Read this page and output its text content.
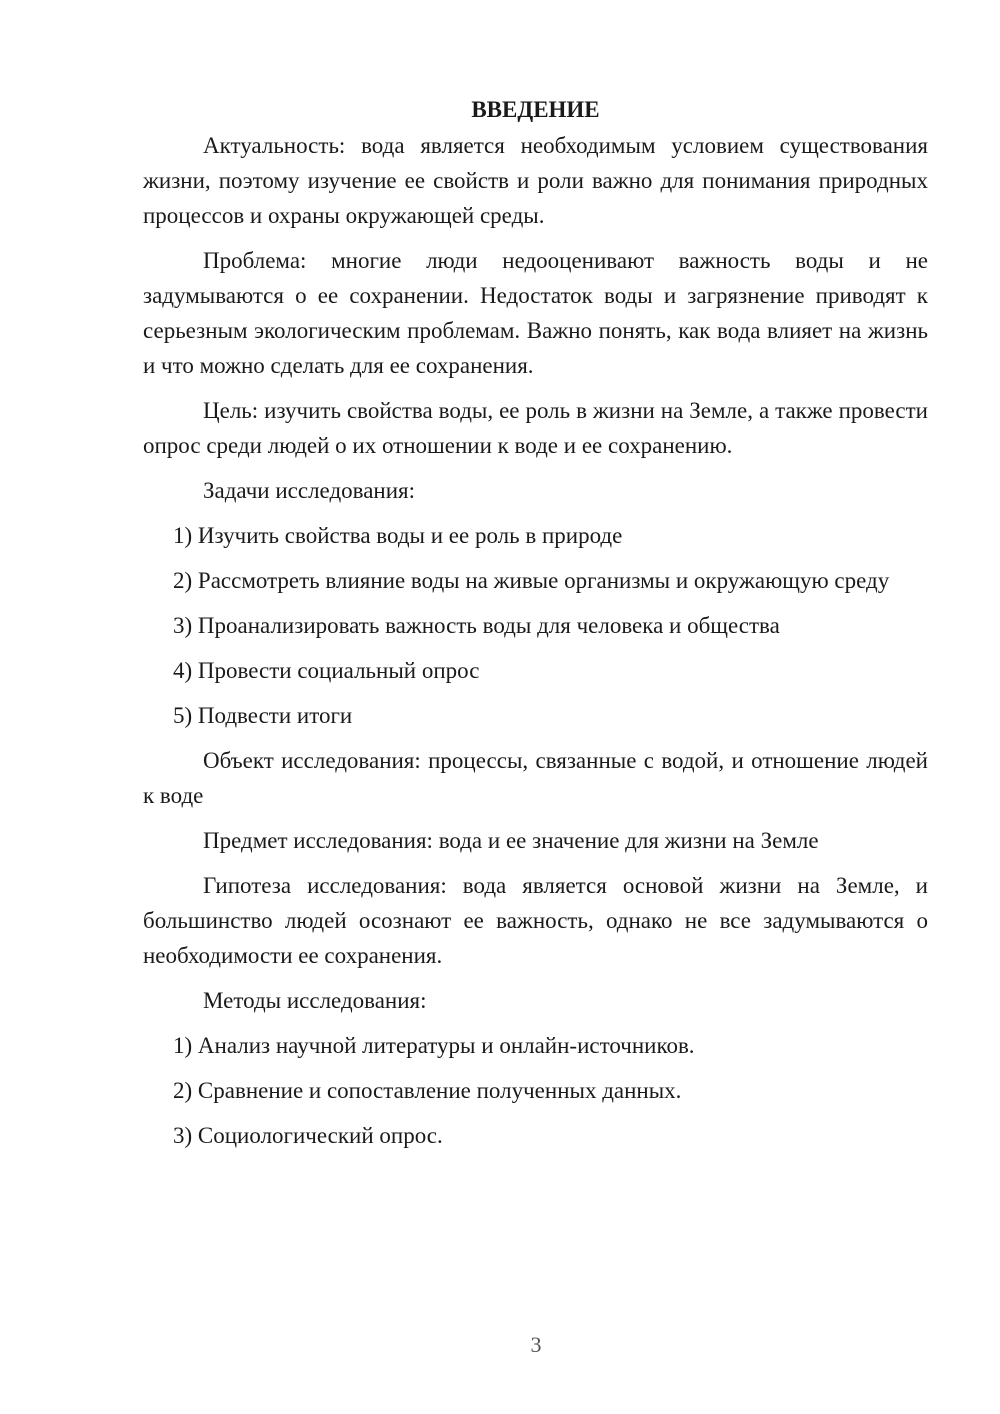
ВВЕДЕНИЕ

Актуальность: вода является необходимым условием существования жизни, поэтому изучение ее свойств и роли важно для понимания природных процессов и охраны окружающей среды.

Проблема: многие люди недооценивают важность воды и не задумываются о ее сохранении. Недостаток воды и загрязнение приводят к серьезным экологическим проблемам. Важно понять, как вода влияет на жизнь и что можно сделать для ее сохранения.

Цель: изучить свойства воды, ее роль в жизни на Земле, а также провести опрос среди людей о их отношении к воде и ее сохранению.

Задачи исследования:

1) Изучить свойства воды и ее роль в природе

2) Рассмотреть влияние воды на живые организмы и окружающую среду

3) Проанализировать важность воды для человека и общества

4) Провести социальный опрос

5) Подвести итоги

Объект исследования: процессы, связанные с водой, и отношение людей к воде

Предмет исследования: вода и ее значение для жизни на Земле

Гипотеза исследования: вода является основой жизни на Земле, и большинство людей осознают ее важность, однако не все задумываются о необходимости ее сохранения.

Методы исследования:

1) Анализ научной литературы и онлайн-источников.

2) Сравнение и сопоставление полученных данных.

3) Социологический опрос.

3
